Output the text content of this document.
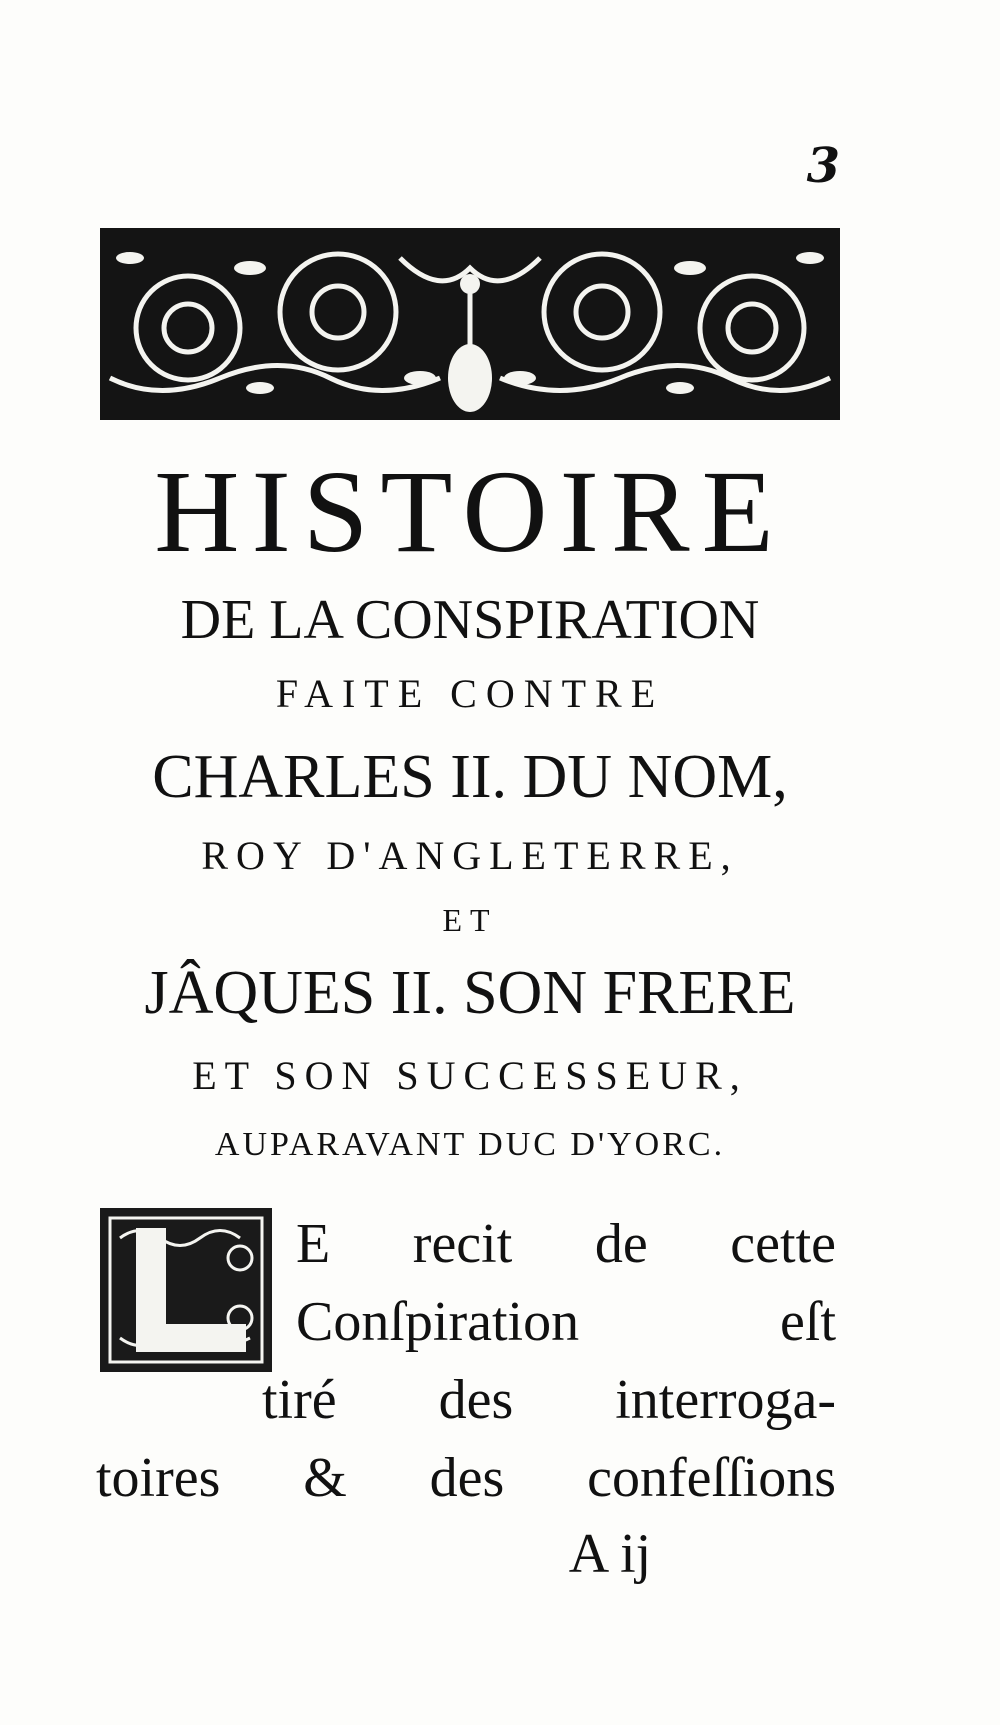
3
HISTOIRE
DE LA CONSPIRATION
FAITE CONTRE
CHARLES II. DU NOM,
ROY D'ANGLETERRE,
ET
JÂQUES II. SON FRERE
ET SON SUCCESSEUR,
AUPARAVANT DUC D'YORC.
E recit de cette
Conſpiration eſt
tiré des interroga-
toires & des confeſſions
A ij
